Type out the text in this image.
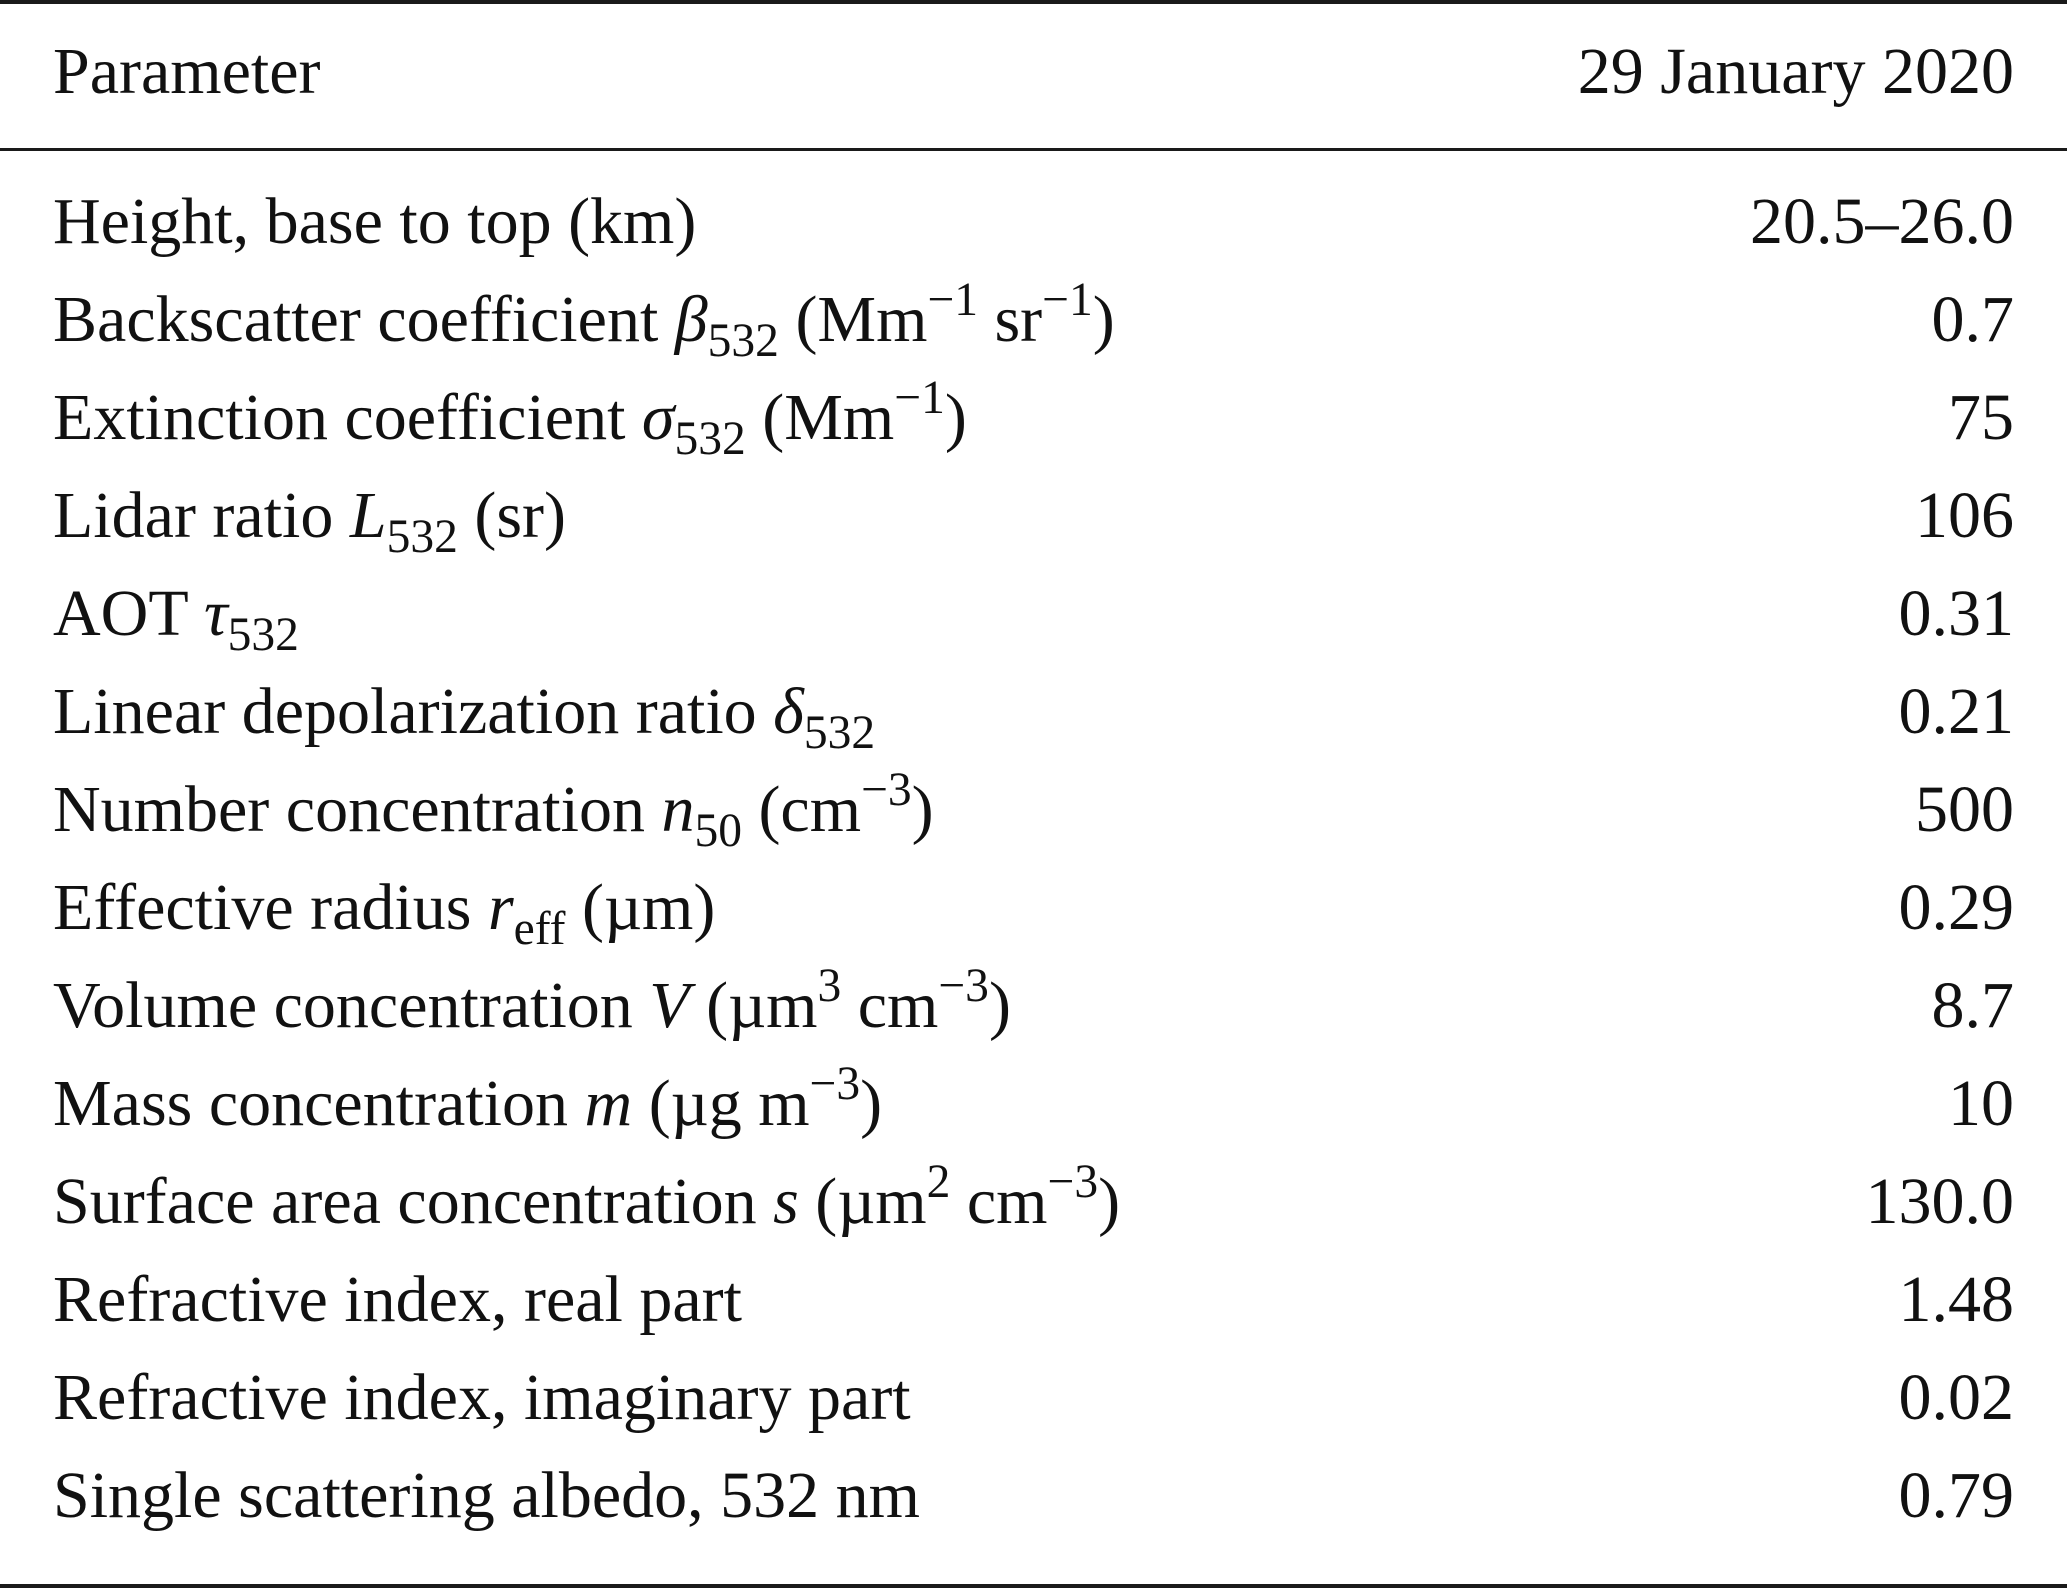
Parameter	29 January 2020
Height, base to top (km)	20.5–26.0
Backscatter coefficient $\beta_{532}$ ($Mm^{-1}$ $sr^{-1}$)	0.7
Extinction coefficient $\sigma_{532}$ $(Mm^{-1})$	75
Lidar ratio $L_{532}$ (sr)	106
AOT $\tau_{532}$	0.31
Linear depolarization ratio $\delta_{532}$	0.21
Number concentration $n_{50}$ $(cm^{-3})$	500
Effective radius $r_{eff}$ (µm)	0.29
Volume concentration V (µm$^3$ $cm^{-3}$)	8.7
Mass concentration m (µg $m^{-3}$)	10
Surface area concentration s (µm$^2$ $cm^{-3}$)	130.0
Refractive index, real part	1.48
Refractive index, imaginary part	0.02
Single scattering albedo, 532 nm	0.79
